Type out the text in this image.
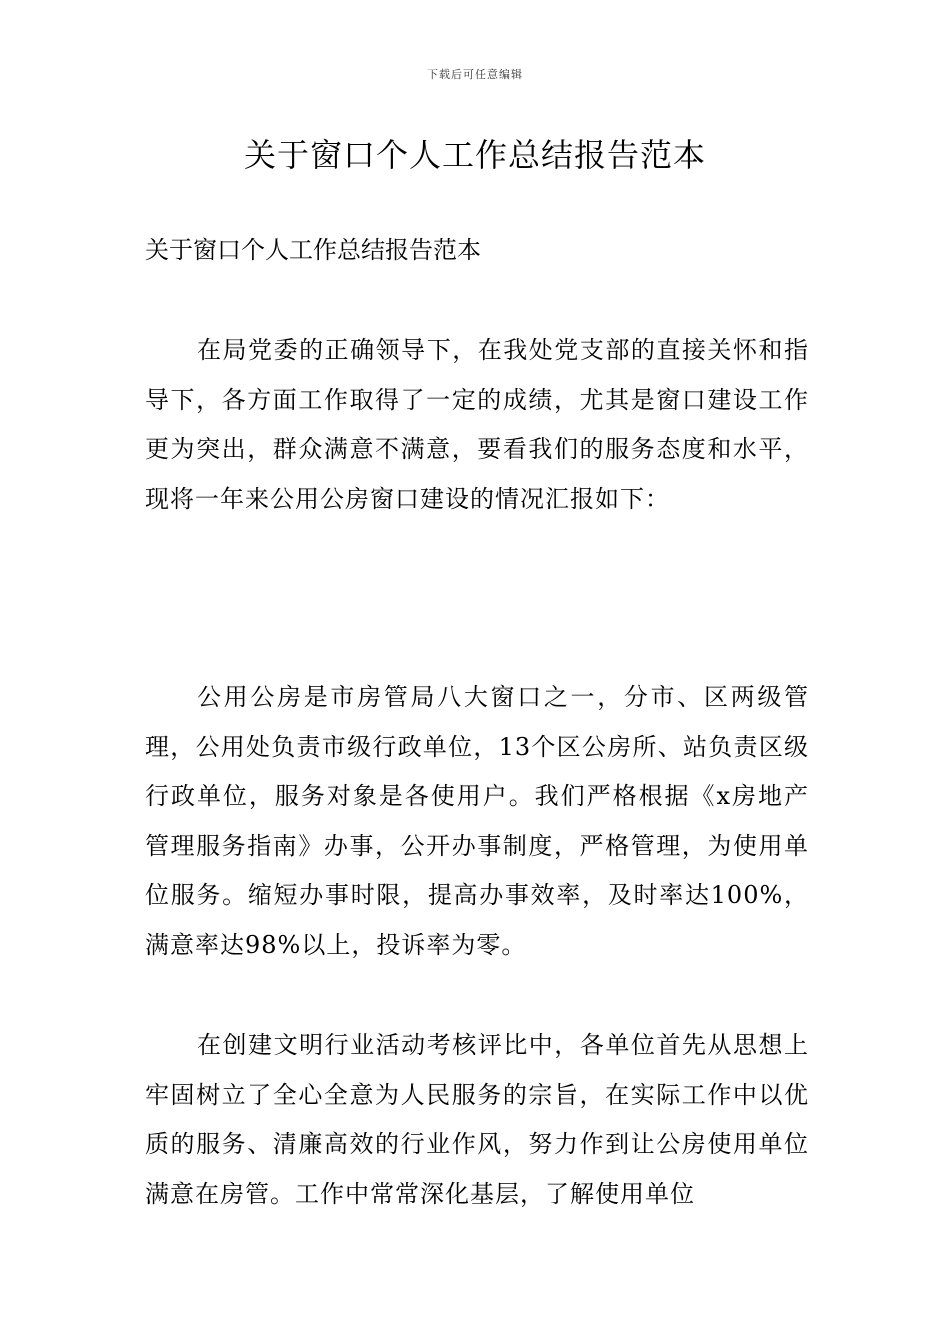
下载后可任意编辑
关于窗口个人工作总结报告范本
关于窗口个人工作总结报告范本

在局党委的正确领导下，在我处党支部的直接关怀和指导下，各方面工作取得了一定的成绩，尤其是窗口建设工作更为突出，群众满意不满意，要看我们的服务态度和水平，现将一年来公用公房窗口建设的情况汇报如下：

公用公房是市房管局八大窗口之一，分市、区两级管理，公用处负责市级行政单位，13个区公房所、站负责区级行政单位，服务对象是各使用户。我们严格根据《x房地产管理服务指南》办事，公开办事制度，严格管理，为使用单位服务。缩短办事时限，提高办事效率，及时率达100%，满意率达98%以上，投诉率为零。

在创建文明行业活动考核评比中，各单位首先从思想上牢固树立了全心全意为人民服务的宗旨，在实际工作中以优质的服务、清廉高效的行业作风，努力作到让公房使用单位满意在房管。工作中常常深化基层，了解使用单位
